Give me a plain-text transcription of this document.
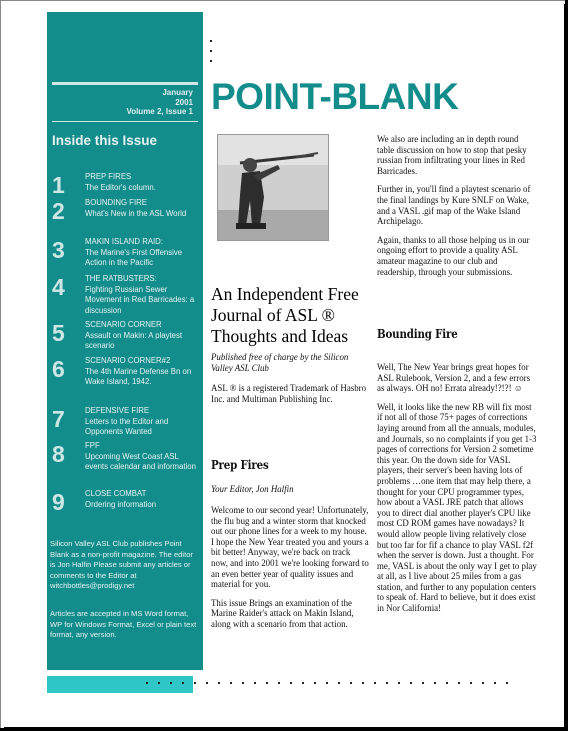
January
2001
Volume 2, Issue 1
Inside this Issue
1	PREP FIRES
The Editor's column.
2	BOUNDING FIRE
What's New in the ASL World
3	MAKIN ISLAND RAID:
The Marine's First Offensive Action in the Pacific
4	THE RATBUSTERS:
Fighting Russian Sewer Movement in Red Barricades: a discussion
5	SCENARIO CORNER
Assault on Makin: A playtest scenario
6	SCENARIO CORNER#2
The 4th Marine Defense Bn on Wake Island, 1942.
7	DEFENSIVE FIRE
Letters to the Editor and Opponents Wanted
8	FPF
Upcoming West Coast ASL events calendar and information
9	CLOSE COMBAT
Ordering information
Silicon Valley ASL Club publishes Point Blank as a non-profit magazine. The editor is Jon Halfin Please submit any articles or comments to the Editor at witchbottles@prodigy.net
Articles are accepted in MS Word format, WP for Windows Format, Excel or plain text format, any version.
POINT-BLANK
An Independent Free Journal of ASL ® Thoughts and Ideas
Published free of charge by the Silicon Valley ASL Club
ASL ® is a registered Trademark of Hasbro Inc. and Multiman Publishing Inc.
Prep Fires
Your Editor, Jon Halfin

Welcome to our second year! Unfortunately, the flu bug and a winter storm that knocked out our phone lines for a week to my house. I hope the New Year treated you and yours a bit better! Anyway, we're back on track now, and into 2001 we're looking forward to an even better year of quality issues and material for you.

This issue Brings an examination of the Marine Raider's attack on Makin Island, along with a scenario from that action.

We also are including an in depth round table discussion on how to stop that pesky russian from infiltrating your lines in Red Barricades.

Further in, you'll find a playtest scenario of the final landings by Kure SNLF on Wake, and a VASL .gif map of the Wake Island Archipelago.

Again, thanks to all those helping us in our ongoing effort to provide a quality ASL amateur magazine to our club and readership, through your submissions.

Bounding Fire

Well, The New Year brings great hopes for ASL Rulebook, Version 2, and a few errors as always. OH no! Errata already!?!?! ☺

Well, it looks like the new RB will fix most if not all of those 75+ pages of corrections laying around from all the annuals, modules, and Journals, so no complaints if you get 1-3 pages of corrections for Version 2 sometime this year. On the down side for VASL players, their server's been having lots of problems …one item that may help there, a thought for your CPU programmer types, how about a VASL JRE patch that allows you to direct dial another player's CPU like most CD ROM games have nowadays? It would allow people living relatively close but too far for fif a chance to play VASL f2f when the server is down. Just a thought. For me, VASL is about the only way I get to play at all, as I live about 25 miles from a gas station, and further to any population centers to speak of. Hard to believe, but it does exist in Nor California!
